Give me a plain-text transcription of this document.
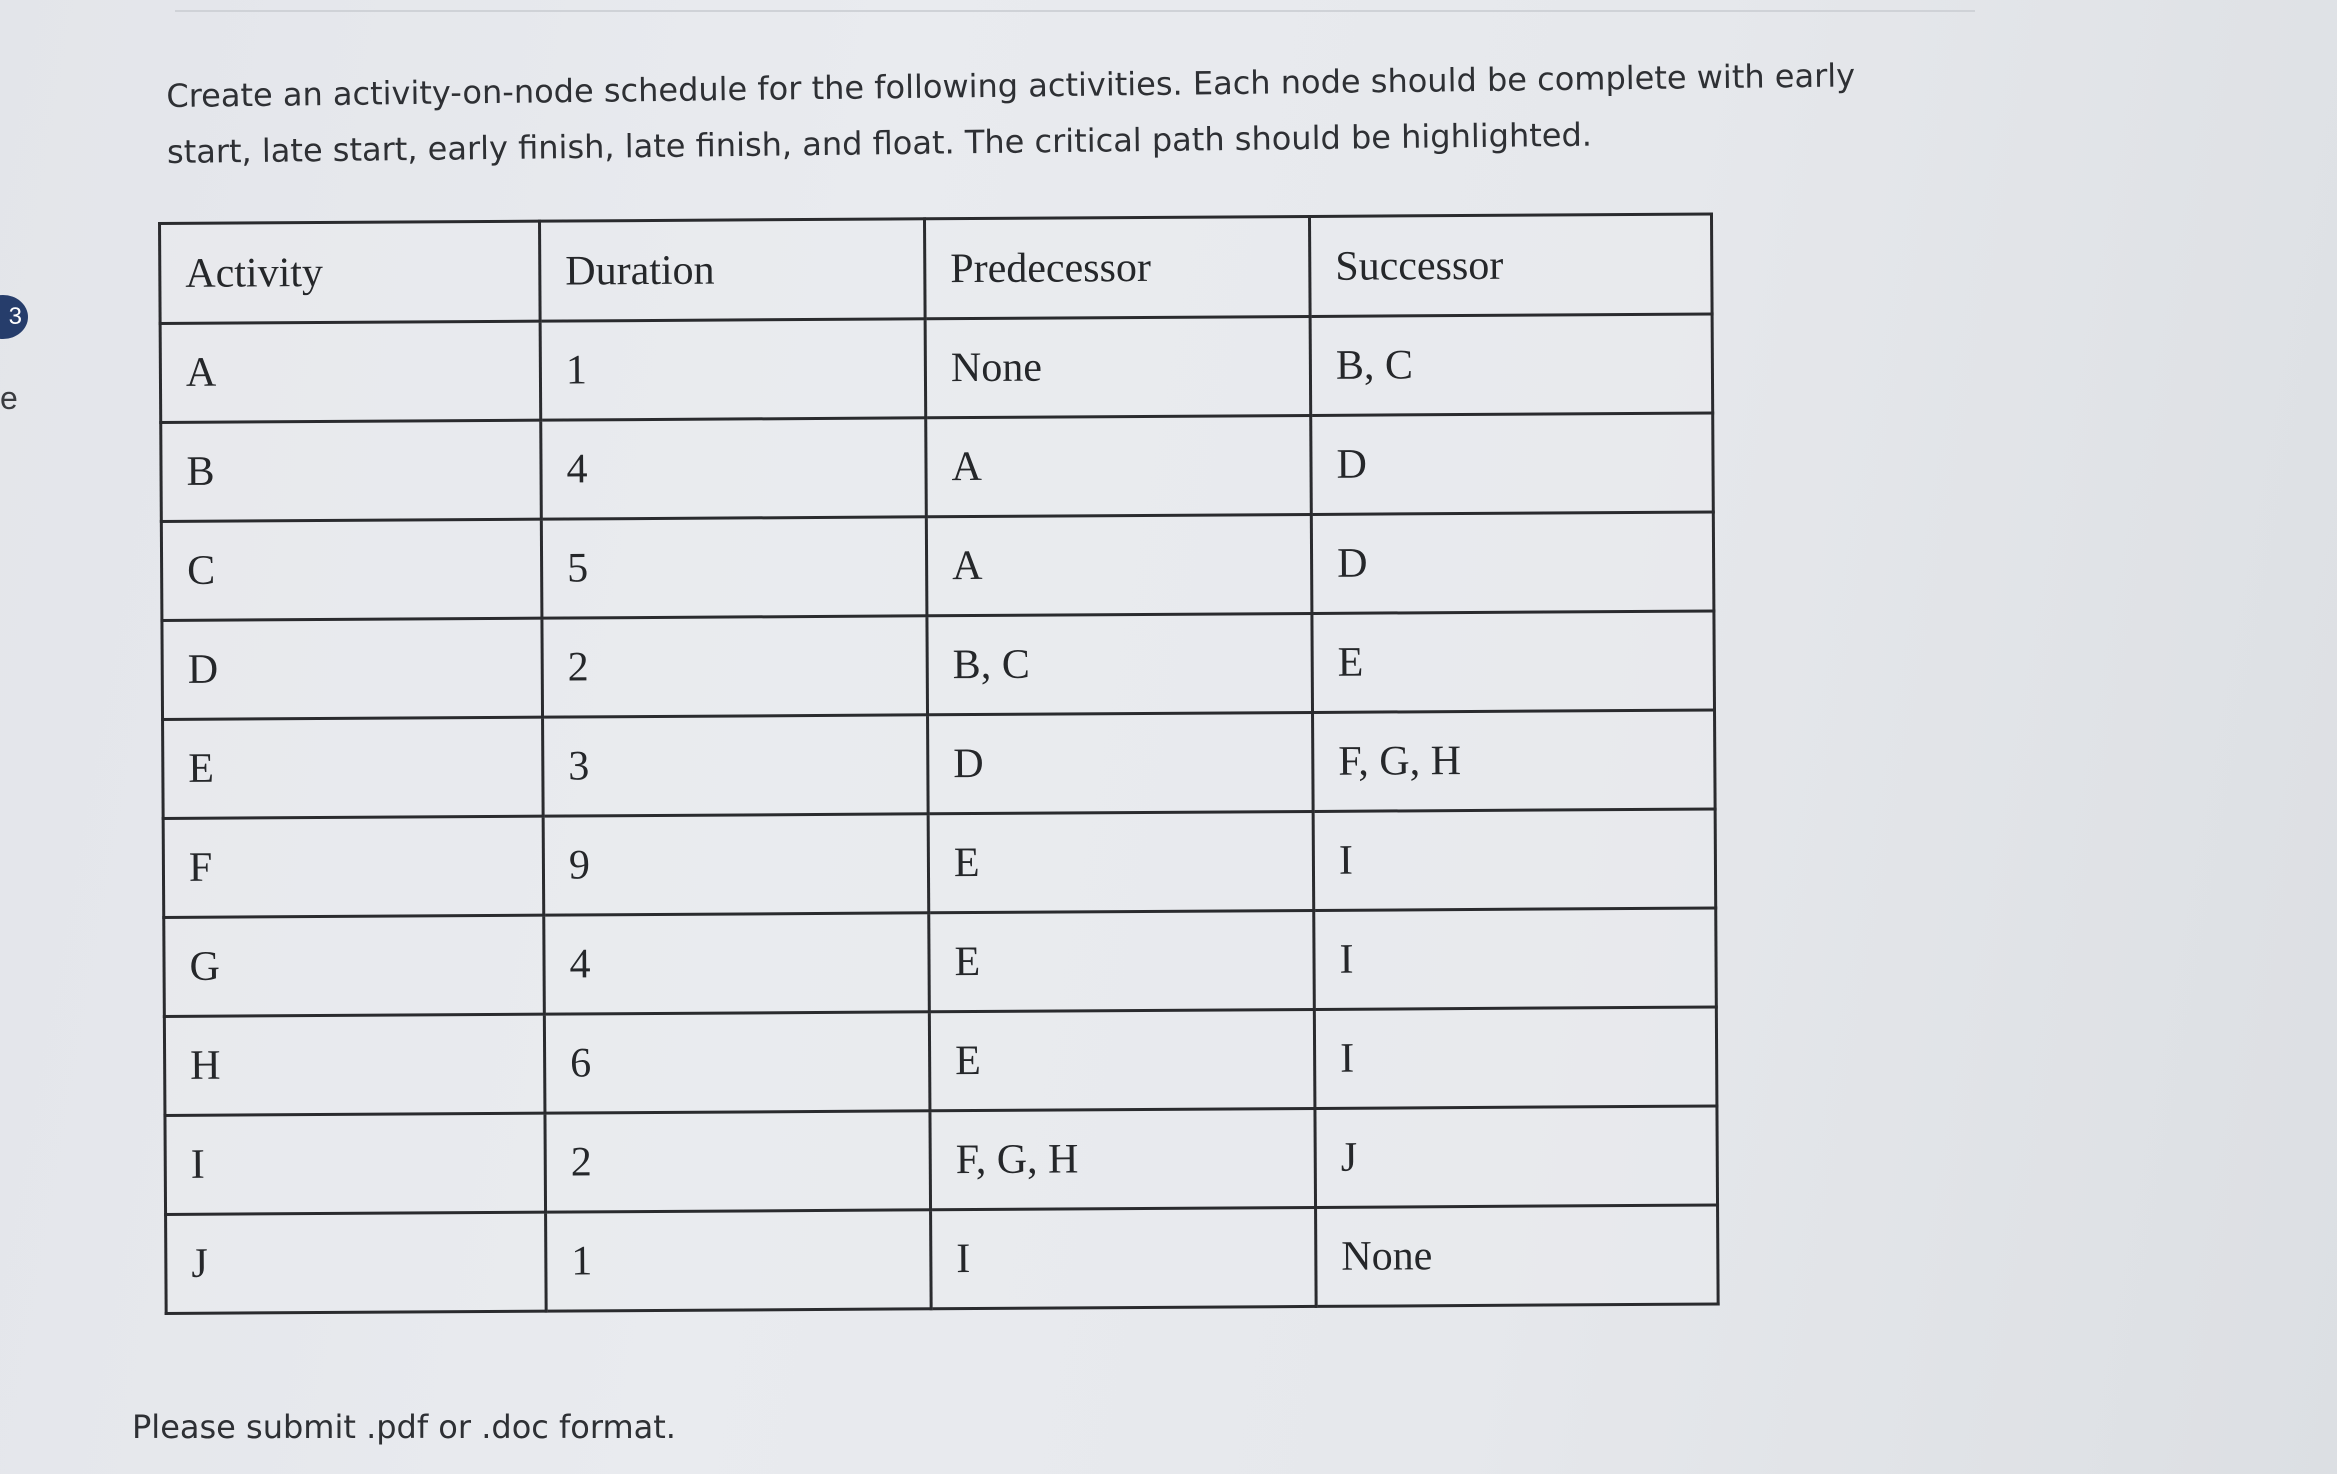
3
e

Create an activity-on-node schedule for the following activities. Each node should be complete with early start, late start, early finish, late finish, and float. The critical path should be highlighted.

Activity	Duration	Predecessor	Successor
A	1	None	B, C
B	4	A	D
C	5	A	D
D	2	B, C	E
E	3	D	F, G, H
F	9	E	I
G	4	E	I
H	6	E	I
I	2	F, G, H	J
J	1	I	None

Please submit .pdf or .doc format.
